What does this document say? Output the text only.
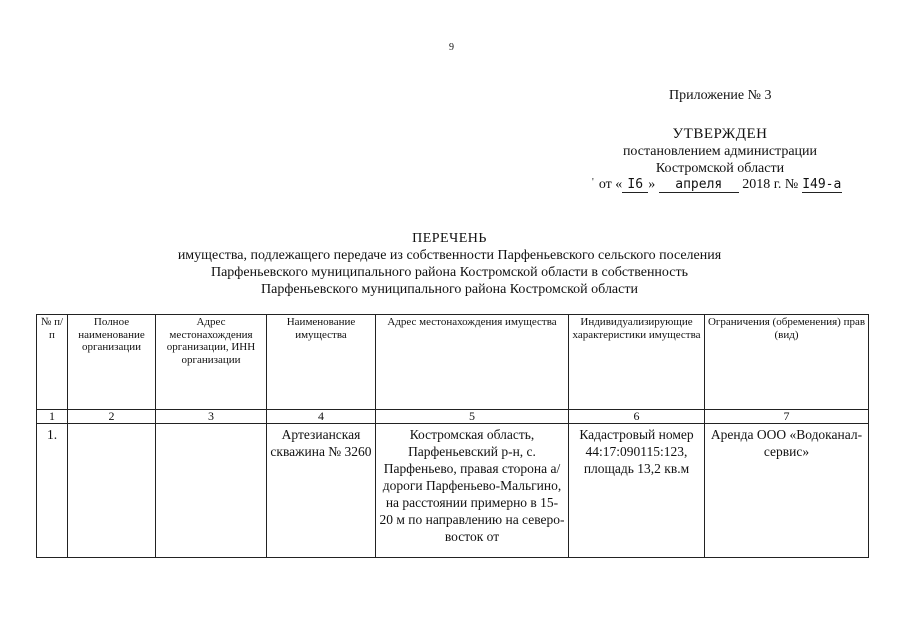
9
Приложение № 3
УТВЕРЖДЕН
постановлением администрации
Костромской области
' от « I6 » апреля 2018 г. № I49-а
ПЕРЕЧЕНЬ
имущества, подлежащего передаче из собственности Парфеньевского сельского поселения
Парфеньевского муниципального района Костромской области в собственность
Парфеньевского муниципального района Костромской области
№ п/п	Полное наименование организации	Адрес местонахождения организации, ИНН организации	Наименование имущества	Адрес местонахождения имущества	Индивидуализирующие характеристики имущества	Ограничения (обременения) прав (вид)
1	2	3	4	5	6	7
1.			Артезианская скважина № 3260	Костромская область, Парфеньевский р-н, с. Парфеньево, правая сторона а/дороги Парфеньево-Мальгино, на расстоянии примерно в 15- 20 м по направлению на северо-восток от	Кадастровый номер 44:17:090115:123, площадь 13,2 кв.м	Аренда ООО «Водоканал-сервис»
